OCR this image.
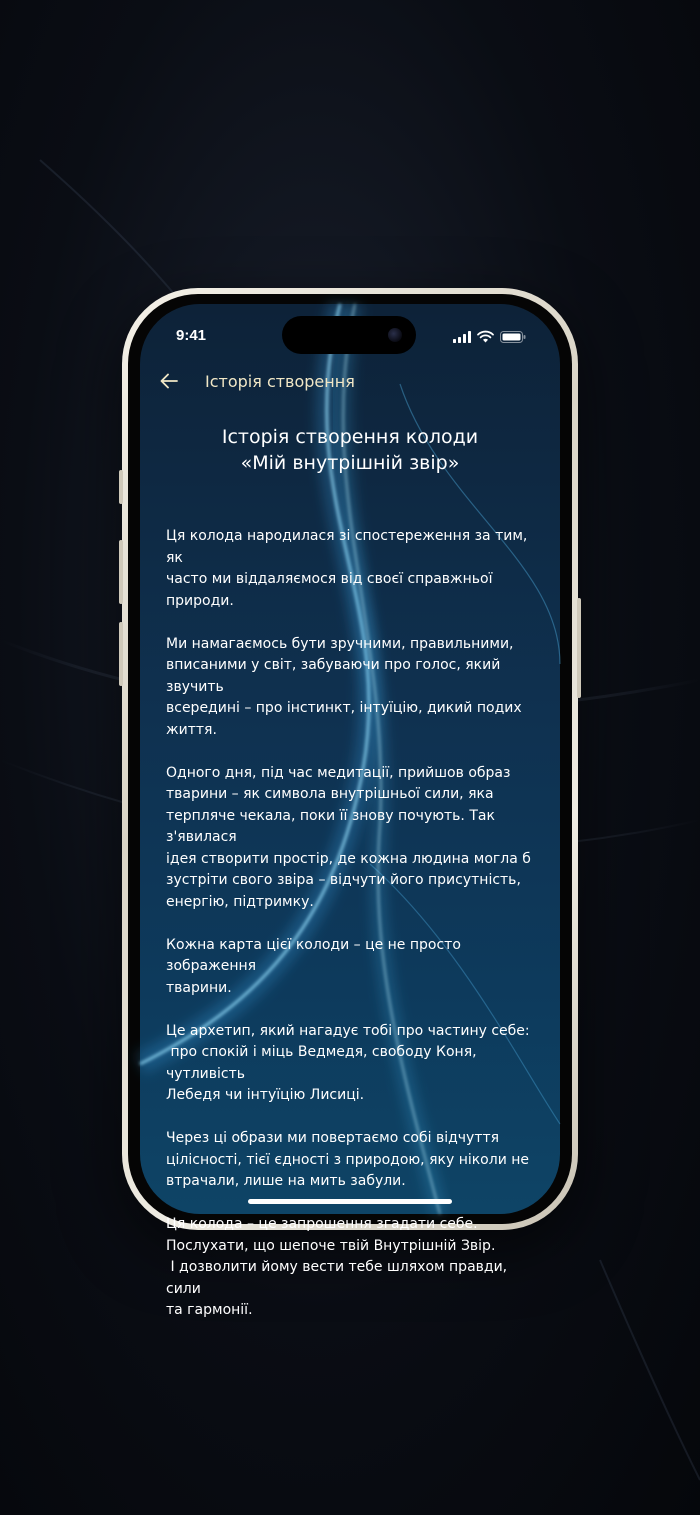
9:41
Історія створення
Історія створення колоди
«Мій внутрішній звір»

Ця колода народилася зі спостереження за тим, як
часто ми віддаляємося від своєї справжньої природи.

Ми намагаємось бути зручними, правильними,
вписаними у світ, забуваючи про голос, який звучить
всередині – про інстинкт, інтуїцію, дикий подих
життя.

Одного дня, під час медитації, прийшов образ
тварини – як символа внутрішньої сили, яка
терпляче чекала, поки її знову почують. Так з'явилася
ідея створити простір, де кожна людина могла б
зустріти свого звіра – відчути його присутність,
енергію, підтримку.

Кожна карта цієї колоди – це не просто зображення
тварини.

Це архетип, який нагадує тобі про частину себе:
про спокій і міць Ведмедя, свободу Коня, чутливість
Лебедя чи інтуїцію Лисиці.

Через ці образи ми повертаємо собі відчуття
цілісності, тієї єдності з природою, яку ніколи не
втрачали, лише на мить забули.

Ця колода – це запрошення згадати себе.
Послухати, що шепоче твій Внутрішній Звір.
І дозволити йому вести тебе шляхом правди, сили
та гармонії.
